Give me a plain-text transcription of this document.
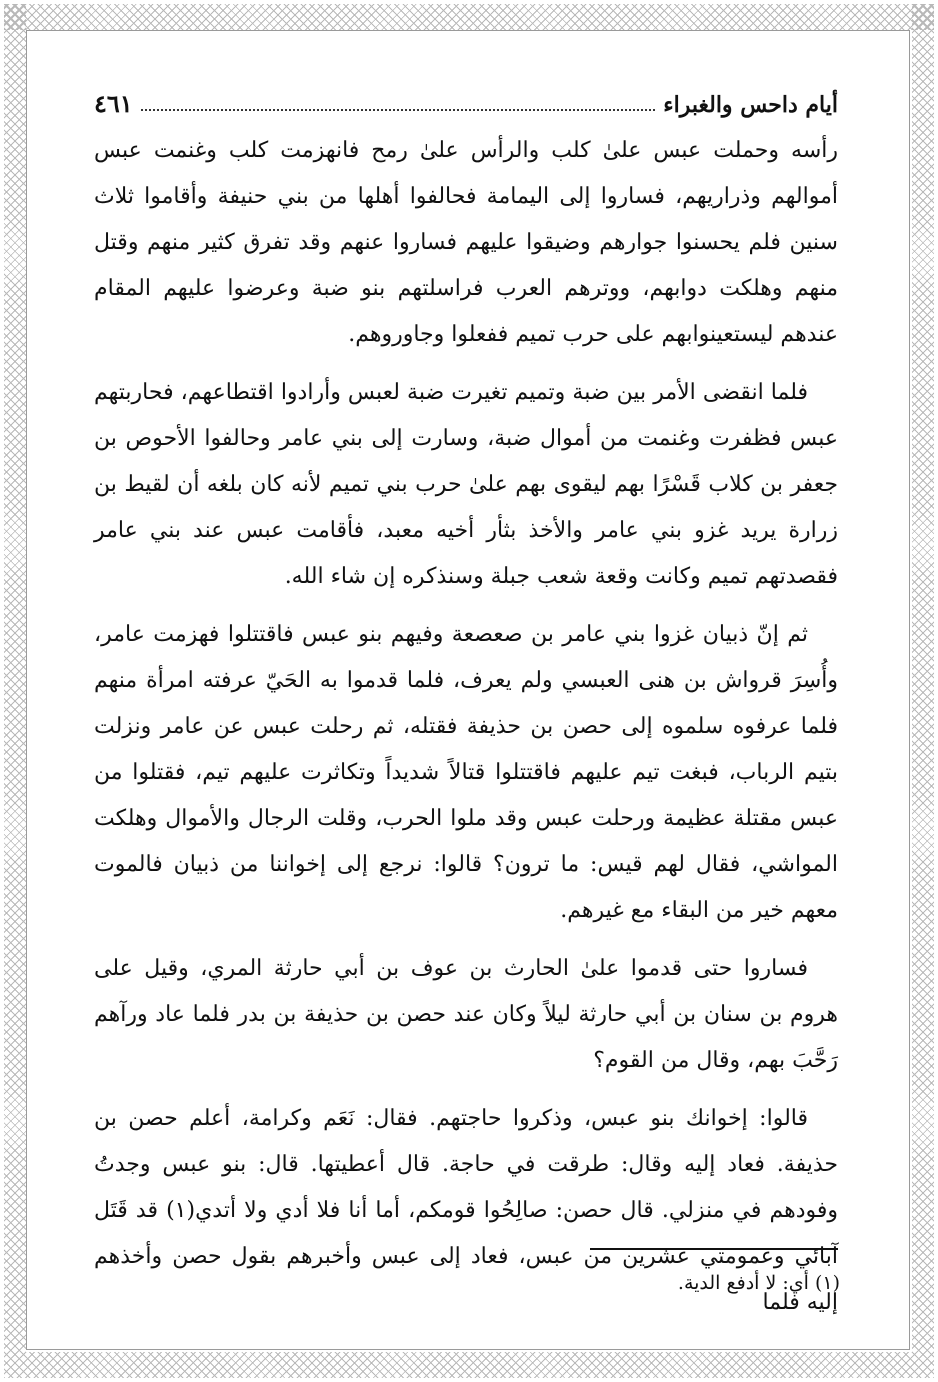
أيام داحس والغبراء
٤٦١

رأسه وحملت عبس علىٰ كلب والرأس علىٰ رمح فانهزمت كلب وغنمت عبس أموالهم وذراريهم، فساروا إلى اليمامة فحالفوا أهلها من بني حنيفة وأقاموا ثلاث سنين فلم يحسنوا جوارهم وضيقوا عليهم فساروا عنهم وقد تفرق كثير منهم وقتل منهم وهلكت دوابهم، ووترهم العرب فراسلتهم بنو ضبة وعرضوا عليهم المقام عندهم ليستعينوابهم على حرب تميم ففعلوا وجاوروهم.

فلما انقضى الأمر بين ضبة وتميم تغيرت ضبة لعبس وأرادوا اقتطاعهم، فحاربتهم عبس فظفرت وغنمت من أموال ضبة، وسارت إلى بني عامر وحالفوا الأحوص بن جعفر بن كلاب قَسْرًا بهم ليقوى بهم علىٰ حرب بني تميم لأنه كان بلغه أن لقيط بن زرارة يريد غزو بني عامر والأخذ بثأر أخيه معبد، فأقامت عبس عند بني عامر فقصدتهم تميم وكانت وقعة شعب جبلة وسنذكره إن شاء الله.

ثم إنّ ذبيان غزوا بني عامر بن صعصعة وفيهم بنو عبس فاقتتلوا فهزمت عامر، وأُسِرَ قرواش بن هنى العبسي ولم يعرف، فلما قدموا به الحَيّ عرفته امرأة منهم فلما عرفوه سلموه إلى حصن بن حذيفة فقتله، ثم رحلت عبس عن عامر ونزلت بتيم الرباب، فبغت تيم عليهم فاقتتلوا قتالاً شديداً وتكاثرت عليهم تيم، فقتلوا من عبس مقتلة عظيمة ورحلت عبس وقد ملوا الحرب، وقلت الرجال والأموال وهلكت المواشي، فقال لهم قيس: ما ترون؟ قالوا: نرجع إلى إخواننا من ذبيان فالموت معهم خير من البقاء مع غيرهم.

فساروا حتى قدموا علىٰ الحارث بن عوف بن أبي حارثة المري، وقيل على هروم بن سنان بن أبي حارثة ليلاً وكان عند حصن بن حذيفة بن بدر فلما عاد ورآهم رَحَّبَ بهم، وقال من القوم؟

قالوا: إخوانك بنو عبس، وذكروا حاجتهم. فقال: نَعَم وكرامة، أعلم حصن بن حذيفة. فعاد إليه وقال: طرقت في حاجة. قال أعطيتها. قال: بنو عبس وجدتُ وفودهم في منزلي. قال حصن: صالِحُوا قومكم، أما أنا فلا أدي ولا أتدي(١) قد قَتَل آبائي وعمومتي عشرين من عبس، فعاد إلى عبس وأخبرهم بقول حصن وأخذهم إليه فلما

(١) أي: لا أدفع الدية.
